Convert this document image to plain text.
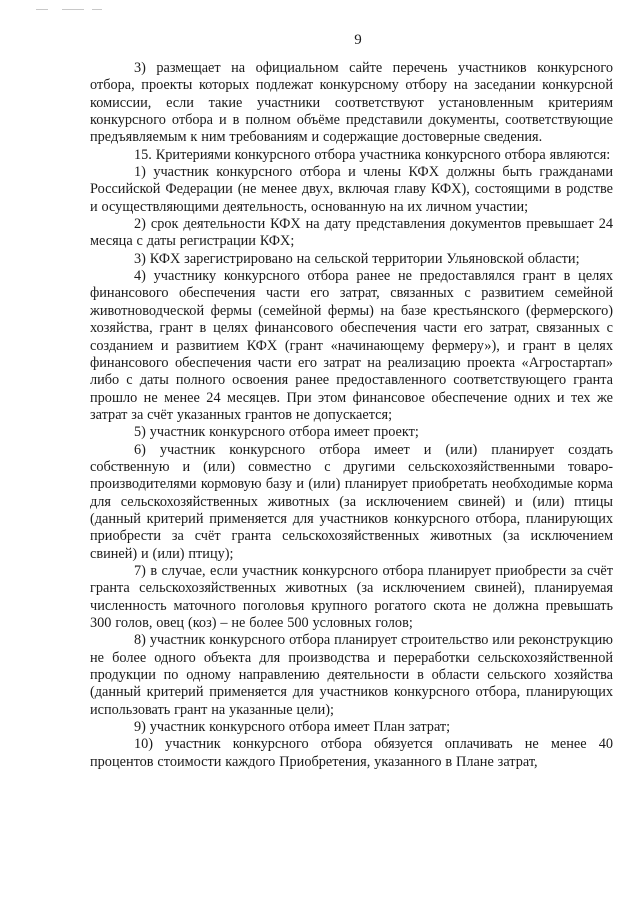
9

3) размещает на официальном сайте перечень участников конкурсного отбора, проекты которых подлежат конкурсному отбору на заседании конкурсной комиссии, если такие участники соответствуют установленным критериям конкурсного отбора и в полном объёме представили документы, соответствующие предъявляемым к ним требованиям и содержащие достоверные сведения.

15. Критериями конкурсного отбора участника конкурсного отбора являются:

1) участник конкурсного отбора и члены КФХ должны быть гражданами Российской Федерации (не менее двух, включая главу КФХ), состоящими в родстве и осуществляющими деятельность, основанную на их личном участии;

2) срок деятельности КФХ на дату представления документов превышает 24 месяца с даты регистрации КФХ;

3) КФХ зарегистрировано на сельской территории Ульяновской области;

4) участнику конкурсного отбора ранее не предоставлялся грант в целях финансового обеспечения части его затрат, связанных с развитием семейной животноводческой фермы (семейной фермы) на базе крестьянского (фермерского) хозяйства, грант в целях финансового обеспечения части его затрат, связанных с созданием и развитием КФХ (грант «начинающему фермеру»), и грант в целях финансового обеспечения части его затрат на реализацию проекта «Агростартап» либо с даты полного освоения ранее предоставленного соответствующего гранта прошло не менее 24 месяцев. При этом финансовое обеспечение одних и тех же затрат за счёт указанных грантов не допускается;

5) участник конкурсного отбора имеет проект;

6) участник конкурсного отбора имеет и (или) планирует создать собственную и (или) совместно с другими сельскохозяйственными товаро-производителями кормовую базу и (или) планирует приобретать необходимые корма для сельскохозяйственных животных (за исключением свиней) и (или) птицы (данный критерий применяется для участников конкурсного отбора, планирующих приобрести за счёт гранта сельскохозяйственных животных (за исключением свиней) и (или) птицу);

7) в случае, если участник конкурсного отбора планирует приобрести за счёт гранта сельскохозяйственных животных (за исключением свиней), планируемая численность маточного поголовья крупного рогатого скота не должна превышать 300 голов, овец (коз) – не более 500 условных голов;

8) участник конкурсного отбора планирует строительство или реконструкцию не более одного объекта для производства и переработки сельскохозяйственной продукции по одному направлению деятельности в области сельского хозяйства (данный критерий применяется для участников конкурсного отбора, планирующих использовать грант на указанные цели);

9) участник конкурсного отбора имеет План затрат;

10) участник конкурсного отбора обязуется оплачивать не менее 40 процентов стоимости каждого Приобретения, указанного в Плане затрат,
